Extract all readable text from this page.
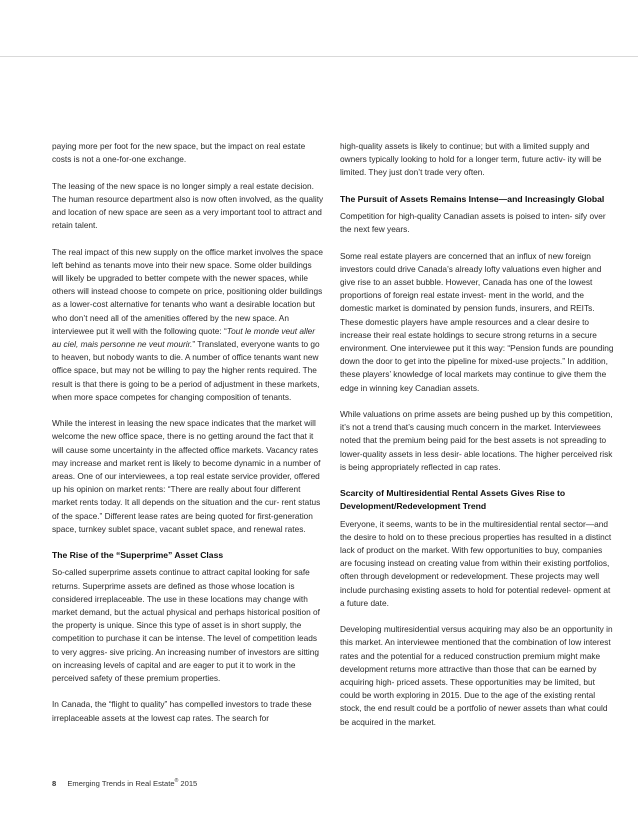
paying more per foot for the new space, but the impact on real estate costs is not a one-for-one exchange.

The leasing of the new space is no longer simply a real estate decision. The human resource department also is now often involved, as the quality and location of new space are seen as a very important tool to attract and retain talent.

The real impact of this new supply on the office market involves the space left behind as tenants move into their new space. Some older buildings will likely be upgraded to better compete with the newer spaces, while others will instead choose to compete on price, positioning older buildings as a lower-cost alternative for tenants who want a desirable location but who don’t need all of the amenities offered by the new space. An interviewee put it well with the following quote: “Tout le monde veut aller au ciel, mais personne ne veut mourir.” Translated, everyone wants to go to heaven, but nobody wants to die. A number of office tenants want new office space, but may not be willing to pay the higher rents required. The result is that there is going to be a period of adjustment in these markets, when more space competes for changing composition of tenants.

While the interest in leasing the new space indicates that the market will welcome the new office space, there is no getting around the fact that it will cause some uncertainty in the affected office markets. Vacancy rates may increase and market rent is likely to become dynamic in a number of areas. One of our interviewees, a top real estate service provider, offered up his opinion on market rents: “There are really about four different market rents today. It all depends on the situation and the cur- rent status of the space.” Different lease rates are being quoted for first-generation space, turnkey sublet space, vacant sublet space, and renewal rates.

The Rise of the “Superprime” Asset Class

So-called superprime assets continue to attract capital looking for safe returns. Superprime assets are defined as those whose location is considered irreplaceable. The use in these locations may change with market demand, but the actual physical and perhaps historical position of the property is unique. Since this type of asset is in short supply, the competition to purchase it can be intense. The level of competition leads to very aggres- sive pricing. An increasing number of investors are sitting on increasing levels of capital and are eager to put it to work in the perceived safety of these premium properties.

In Canada, the “flight to quality” has compelled investors to trade these irreplaceable assets at the lowest cap rates. The search for

high-quality assets is likely to continue; but with a limited supply and owners typically looking to hold for a longer term, future activ- ity will be limited. They just don’t trade very often.

The Pursuit of Assets Remains Intense—and Increasingly Global

Competition for high-quality Canadian assets is poised to inten- sify over the next few years.

Some real estate players are concerned that an influx of new foreign investors could drive Canada’s already lofty valuations even higher and give rise to an asset bubble. However, Canada has one of the lowest proportions of foreign real estate invest- ment in the world, and the domestic market is dominated by pension funds, insurers, and REITs. These domestic players have ample resources and a clear desire to increase their real estate holdings to secure strong returns in a secure environment. One interviewee put it this way: “Pension funds are pounding down the door to get into the pipeline for mixed-use projects.” In addition, these players’ knowledge of local markets may continue to give them the edge in winning key Canadian assets.

While valuations on prime assets are being pushed up by this competition, it’s not a trend that’s causing much concern in the market. Interviewees noted that the premium being paid for the best assets is not spreading to lower-quality assets in less desir- able locations. The higher perceived risk is being appropriately reflected in cap rates.

Scarcity of Multiresidential Rental Assets Gives Rise to Development/Redevelopment Trend

Everyone, it seems, wants to be in the multiresidential rental sector—and the desire to hold on to these precious properties has resulted in a distinct lack of product on the market. With few opportunities to buy, companies are focusing instead on creating value from within their existing portfolios, often through development or redevelopment. These projects may well include purchasing existing assets to hold for potential redevel- opment at a future date.

Developing multiresidential versus acquiring may also be an opportunity in this market. An interviewee mentioned that the combination of low interest rates and the potential for a reduced construction premium might make development returns more attractive than those that can be earned by acquiring high- priced assets. These opportunities may be limited, but could be worth exploring in 2015. Due to the age of the existing rental stock, the end result could be a portfolio of newer assets than what could be acquired in the market.

8 Emerging Trends in Real Estate® 2015
